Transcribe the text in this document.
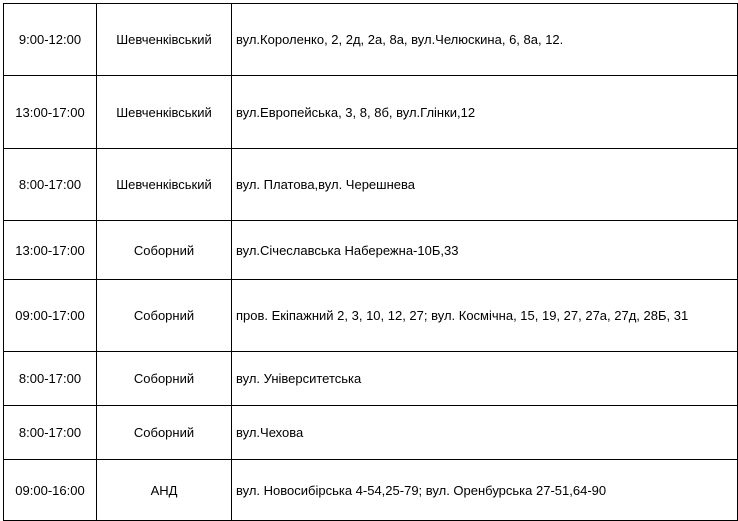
9:00-12:00	Шевченківський	вул.Короленко, 2, 2д, 2а, 8а, вул.Челюскина, 6, 8а, 12.
13:00-17:00	Шевченківський	вул.Европейська, 3, 8, 8б, вул.Глінки,12
8:00-17:00	Шевченківський	вул. Платова,вул. Черешнева
13:00-17:00	Соборний	вул.Січеславська Набережна-10Б,33
09:00-17:00	Соборний	пров. Екіпажний 2, 3, 10, 12, 27; вул. Космічна, 15, 19, 27, 27а, 27д, 28Б, 31
8:00-17:00	Соборний	вул. Університетська
8:00-17:00	Соборний	вул.Чехова
09:00-16:00	АНД	вул. Новосибірська 4-54,25-79; вул. Оренбурська 27-51,64-90
